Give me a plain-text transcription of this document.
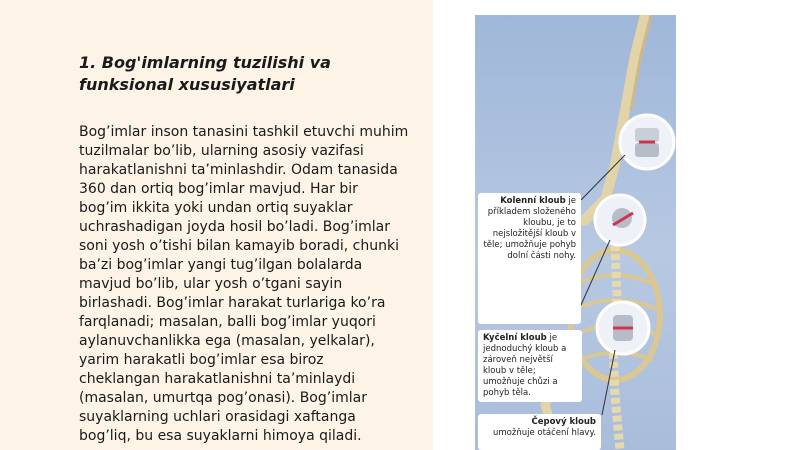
1. Bog'imlarning tuzilishi va funksional xususiyatlari

Bog’imlar inson tanasini tashkil etuvchi muhim tuzilmalar bo’lib, ularning asosiy vazifasi harakatlanishni ta’minlashdir. Odam tanasida 360 dan ortiq bog’imlar mavjud. Har bir bog’im ikkita yoki undan ortiq suyaklar uchrashadigan joyda hosil bo’ladi. Bog’imlar soni yosh o’tishi bilan kamayib boradi, chunki ba’zi bog’imlar yangi tug’ilgan bolalarda mavjud bo’lib, ular yosh o’tgani sayin birlashadi. Bog’imlar harakat turlariga ko’ra farqlanadi; masalan, balli bog’imlar yuqori aylanuvchanlikka ega (masalan, yelkalar), yarim harakatli bog’imlar esa biroz cheklangan harakatlanishni ta’minlaydi (masalan, umurtqa pog’onasi). Bog’imlar suyaklarning uchlari orasidagi xaftanga bog’liq, bu esa suyaklarni himoya qiladi.

Kolenní kloub je příkladem složeného kloubu, je to nejsložitější kloub v těle; umožňuje pohyb dolní části nohy.
Kyčelní kloub je jednoduchý kloub a zároveň největší kloub v těle; umožňuje chůzi a pohyb těla.
Čepový kloub
umožňuje otáčení hlavy.
